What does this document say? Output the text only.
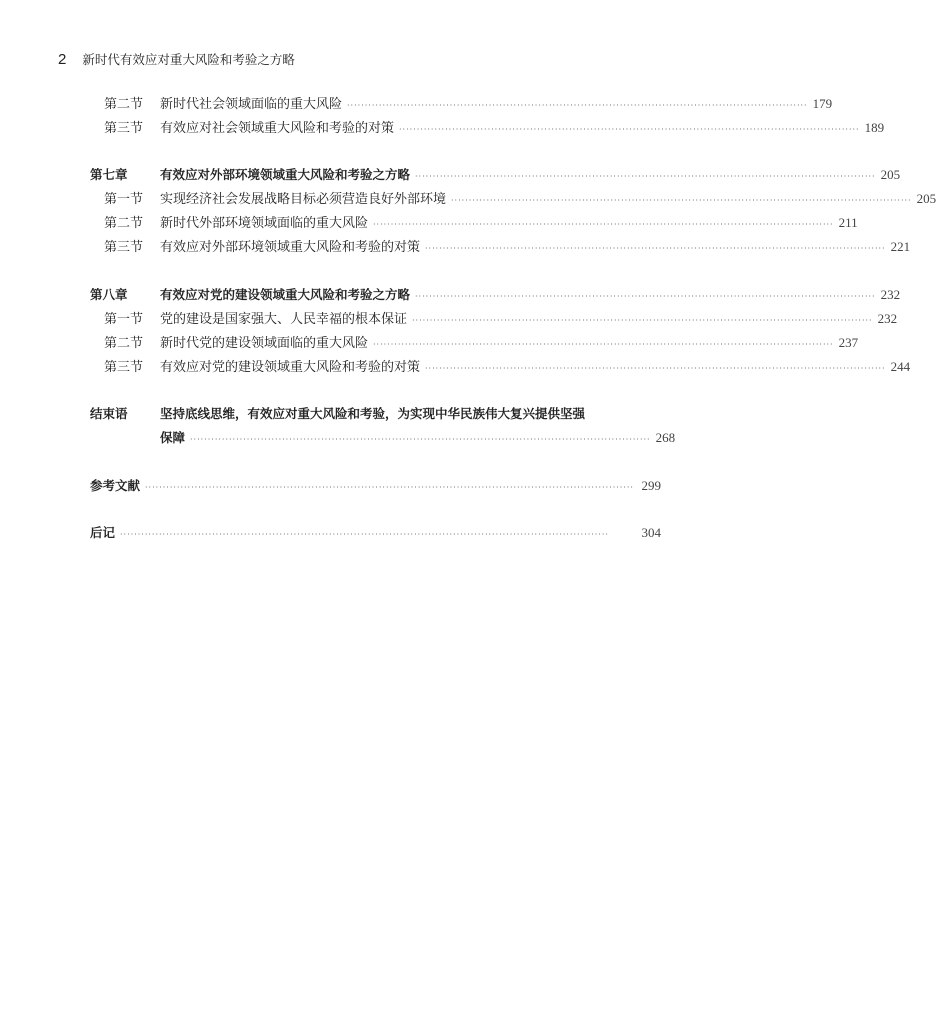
2 新时代有效应对重大风险和考验之方略
第二节	新时代社会领域面临的重大风险 ·································································································································· 179
第三节	有效应对社会领域重大风险和考验的对策 ·································································································································· 189
第七章	有效应对外部环境领域重大风险和考验之方略 ·································································································································· 205
第一节	实现经济社会发展战略目标必须营造良好外部环境 ·································································································································· 205
第二节	新时代外部环境领域面临的重大风险 ·································································································································· 211
第三节	有效应对外部环境领域重大风险和考验的对策 ·································································································································· 221
第八章	有效应对党的建设领域重大风险和考验之方略 ·································································································································· 232
第一节	党的建设是国家强大、人民幸福的根本保证 ·································································································································· 232
第二节	新时代党的建设领域面临的重大风险 ·································································································································· 237
第三节	有效应对党的建设领域重大风险和考验的对策 ·································································································································· 244
结束语	坚持底线思维，有效应对重大风险和考验，为实现中华民族伟大复兴提供坚强
保障 ·································································································································· 268
参考文献 ·········································································································································· 299
后记 ··········································································································································	304
